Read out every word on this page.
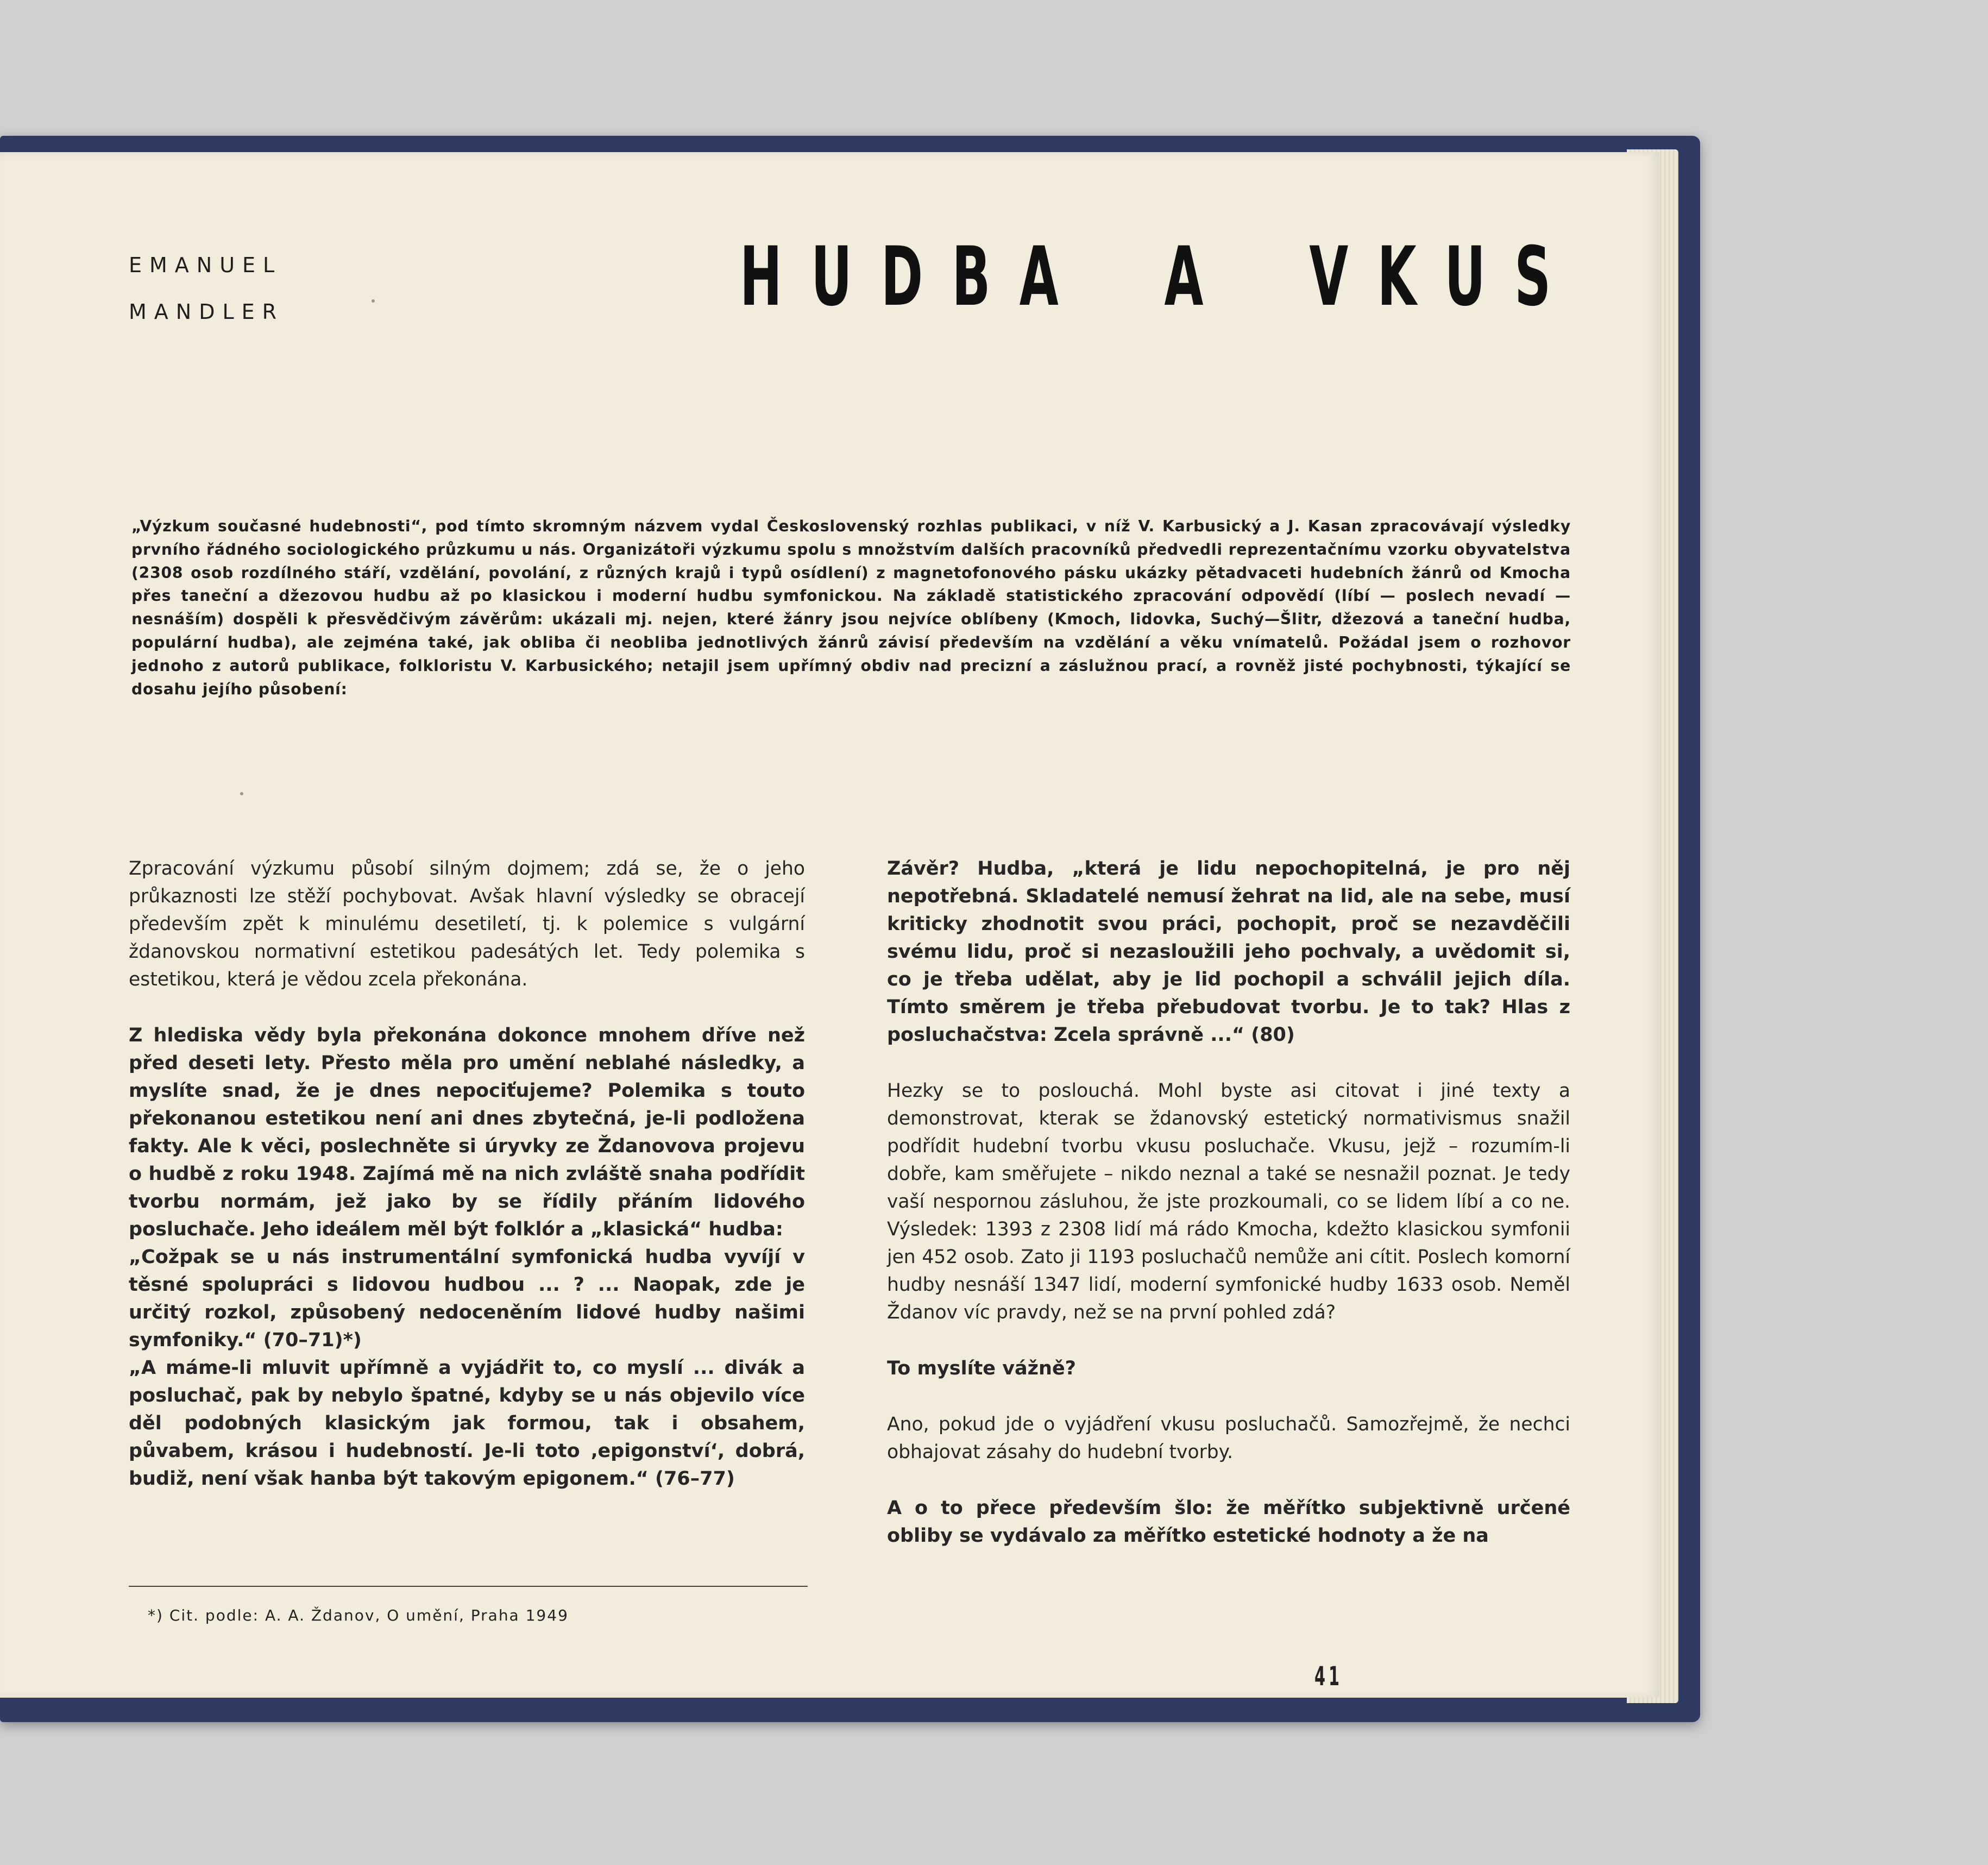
EMANUEL
MANDLER	HUDBA A VKUS
„Výzkum současné hudebnosti“, pod tímto skromným názvem vydal Československý rozhlas publikaci, v níž V. Karbusický a J. Kasan zpracovávají výsledky prvního řádného sociologického průzkumu u nás. Organizátoři výzkumu spolu s množstvím dalších pracovníků předvedli reprezentačnímu vzorku obyvatelstva (2308 osob rozdílného stáří, vzdělání, povolání, z různých krajů i typů osídlení) z magnetofonového pásku ukázky pětadvaceti hudebních žánrů od Kmocha přes taneční a džezovou hudbu až po klasickou i moderní hudbu symfonickou. Na základě statistického zpracování odpovědí (líbí — poslech nevadí — nesnáším) dospěli k přesvědčivým závěrům: ukázali mj. nejen, které žánry jsou nejvíce oblíbeny (Kmoch, lidovka, Suchý—Šlitr, džezová a taneční hudba, populární hudba), ale zejména také, jak obliba či neobliba jednotlivých žánrů závisí především na vzdělání a věku vnímatelů. Požádal jsem o rozhovor jednoho z autorů publikace, folkloristu V. Karbusického; netajil jsem upřímný obdiv nad precizní a záslužnou prací, a rovněž jisté pochybnosti, týkající se dosahu jejího působení:

Zpracování výzkumu působí silným dojmem; zdá se, že o jeho průkaznosti lze stěží pochybovat. Avšak hlavní výsledky se obracejí především zpět k minulému desetiletí, tj. k polemice s vulgární ždanovskou normativní estetikou padesátých let. Tedy polemika s estetikou, která je vědou zcela překonána.

Z hlediska vědy byla překonána dokonce mnohem dříve než před deseti lety. Přesto měla pro umění neblahé následky, a myslíte snad, že je dnes nepociťujeme? Polemika s touto překonanou estetikou není ani dnes zbytečná, je-li podložena fakty. Ale k věci, poslechněte si úryvky ze Ždanovova projevu o hudbě z roku 1948. Zajímá mě na nich zvláště snaha podřídit tvorbu normám, jež jako by se řídily přáním lidového posluchače. Jeho ideálem měl být folklór a „klasická“ hudba:

„Cožpak se u nás instrumentální symfonická hudba vyvíjí v těsné spolupráci s lidovou hudbou ... ? ... Naopak, zde je určitý rozkol, způsobený nedoceněním lidové hudby našimi symfoniky.“ (70–71)*)

„A máme-li mluvit upřímně a vyjádřit to, co myslí ... divák a posluchač, pak by nebylo špatné, kdyby se u nás objevilo více děl podobných klasickým jak formou, tak i obsahem, půvabem, krásou i hudebností. Je-li toto ‚epigonství‘, dobrá, budiž, není však hanba být takovým epigonem.“ (76–77)

*) Cit. podle: A. A. Ždanov, O umění, Praha 1949

Závěr? Hudba, „která je lidu nepochopitelná, je pro něj nepotřebná. Skladatelé nemusí žehrat na lid, ale na sebe, musí kriticky zhodnotit svou práci, pochopit, proč se nezavděčili svému lidu, proč si nezasloužili jeho pochvaly, a uvědomit si, co je třeba udělat, aby je lid pochopil a schválil jejich díla. Tímto směrem je třeba přebudovat tvorbu. Je to tak? Hlas z posluchačstva: Zcela správně ...“ (80)

Hezky se to poslouchá. Mohl byste asi citovat i jiné texty a demonstrovat, kterak se ždanovský estetický normativismus snažil podřídit hudební tvorbu vkusu posluchače. Vkusu, jejž – rozumím-li dobře, kam směřujete – nikdo neznal a také se nesnažil poznat. Je tedy vaší nespornou zásluhou, že jste prozkoumali, co se lidem líbí a co ne. Výsledek: 1393 z 2308 lidí má rádo Kmocha, kdežto klasickou symfonii jen 452 osob. Zato ji 1193 posluchačů nemůže ani cítit. Poslech komorní hudby nesnáší 1347 lidí, moderní symfonické hudby 1633 osob. Neměl Ždanov víc pravdy, než se na první pohled zdá?

To myslíte vážně?

Ano, pokud jde o vyjádření vkusu posluchačů. Samozřejmě, že nechci obhajovat zásahy do hudební tvorby.

A o to přece především šlo: že měřítko subjektivně určené obliby se vydávalo za měřítko estetické hodnoty a že na

41
